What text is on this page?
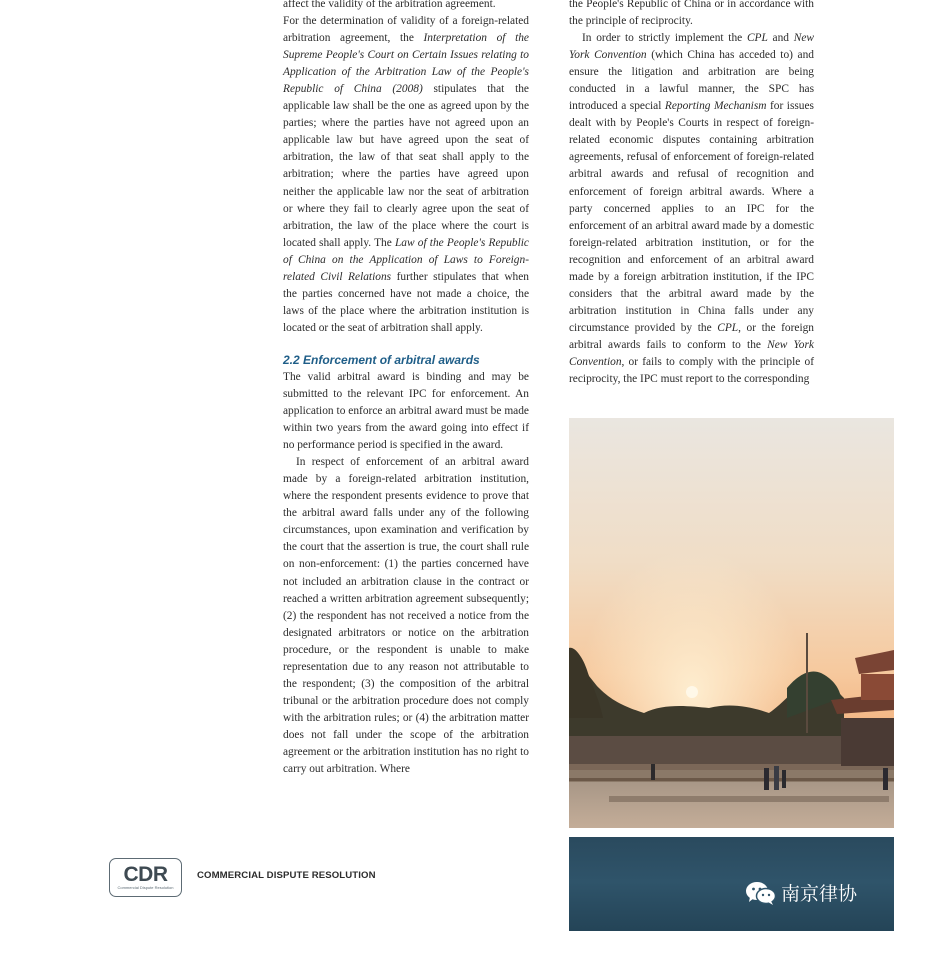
affect the validity of the arbitration agreement.

For the determination of validity of a foreign-related arbitration agreement, the Interpretation of the Supreme People's Court on Certain Issues relating to Application of the Arbitration Law of the People's Republic of China (2008) stipulates that the applicable law shall be the one as agreed upon by the parties; where the parties have not agreed upon an applicable law but have agreed upon the seat of arbitration, the law of that seat shall apply to the arbitration; where the parties have agreed upon neither the applicable law nor the seat of arbitration or where they fail to clearly agree upon the seat of arbitration, the law of the place where the court is located shall apply. The Law of the People's Republic of China on the Application of Laws to Foreign-related Civil Relations further stipulates that when the parties concerned have not made a choice, the laws of the place where the arbitration institution is located or the seat of arbitration shall apply.

2.2 Enforcement of arbitral awards

The valid arbitral award is binding and may be submitted to the relevant IPC for enforcement. An application to enforce an arbitral award must be made within two years from the award going into effect if no performance period is specified in the award.

In respect of enforcement of an arbitral award made by a foreign-related arbitration institution, where the respondent presents evidence to prove that the arbitral award falls under any of the following circumstances, upon examination and verification by the court that the assertion is true, the court shall rule on non-enforcement: (1) the parties concerned have not included an arbitration clause in the contract or reached a written arbitration agreement subsequently; (2) the respondent has not received a notice from the designated arbitrators or notice on the arbitration procedure, or the respondent is unable to make representation due to any reason not attributable to the respondent; (3) the composition of the arbitral tribunal or the arbitration procedure does not comply with the arbitration rules; or (4) the arbitration matter does not fall under the scope of the arbitration agreement or the arbitration institution has no right to carry out arbitration. Where

the People's Republic of China or in accordance with the principle of reciprocity.

In order to strictly implement the CPL and New York Convention (which China has acceded to) and ensure the litigation and arbitration are being conducted in a lawful manner, the SPC has introduced a special Reporting Mechanism for issues dealt with by People's Courts in respect of foreign-related economic disputes containing arbitration agreements, refusal of enforcement of foreign-related arbitral awards and refusal of recognition and enforcement of foreign arbitral awards. Where a party concerned applies to an IPC for the enforcement of an arbitral award made by a domestic foreign-related arbitration institution, or for the recognition and enforcement of an arbitral award made by a foreign arbitration institution, if the IPC considers that the arbitral award made by the arbitration institution in China falls under any circumstance provided by the CPL, or the foreign arbitral awards fails to conform to the New York Convention, or fails to comply with the principle of reciprocity, the IPC must report to the corresponding

南京律协
CDR
Commercial Dispute Resolution
COMMERCIAL DISPUTE RESOLUTION
